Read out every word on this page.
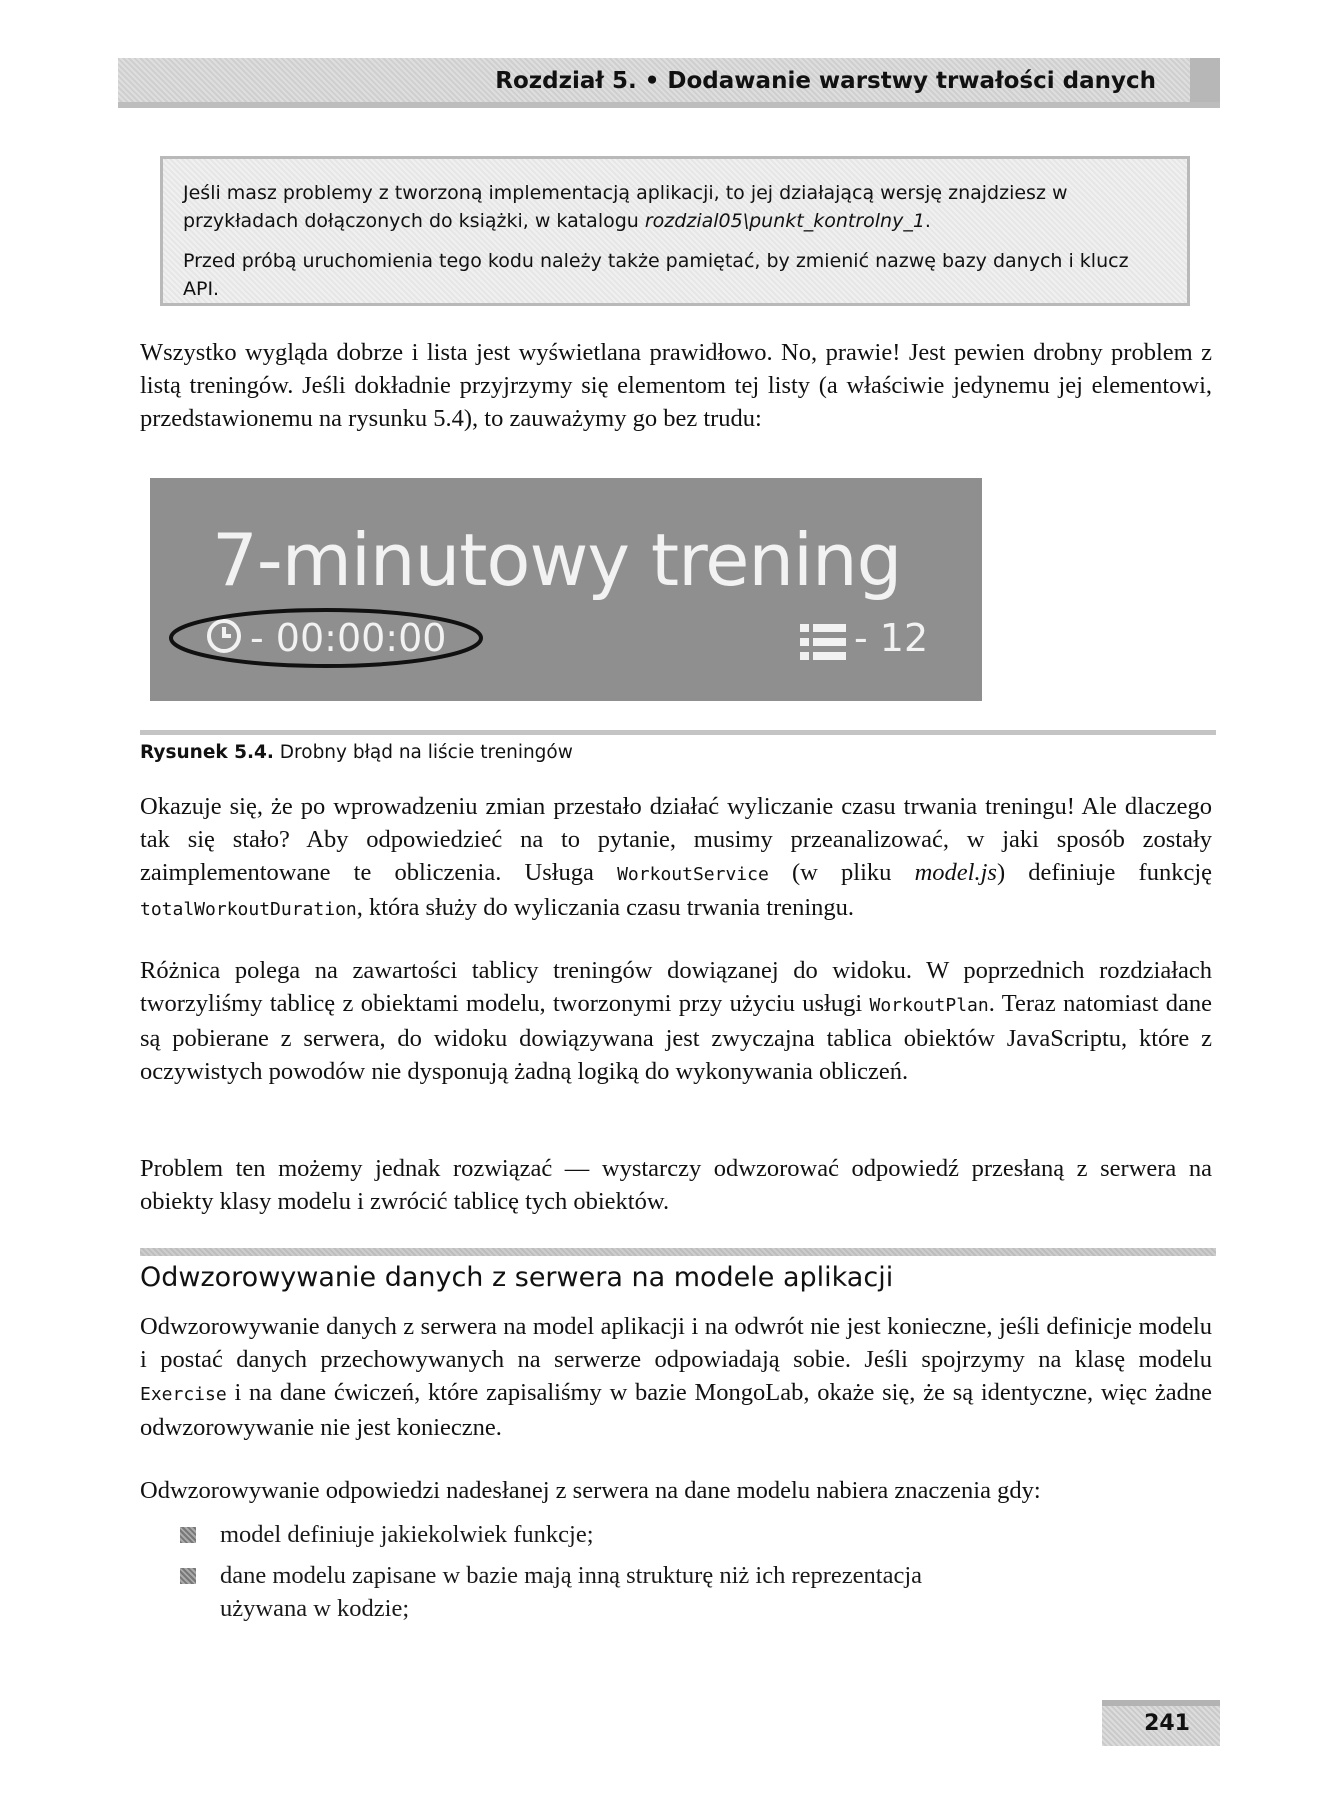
Rozdział 5. • Dodawanie warstwy trwałości danych

Jeśli masz problemy z tworzoną implementacją aplikacji, to jej działającą wersję znajdziesz w przykładach dołączonych do książki, w katalogu rozdzial05\punkt_kontrolny_1.

Przed próbą uruchomienia tego kodu należy także pamiętać, by zmienić nazwę bazy danych i klucz API.

Wszystko wygląda dobrze i lista jest wyświetlana prawidłowo. No, prawie! Jest pewien drobny problem z listą treningów. Jeśli dokładnie przyjrzymy się elementom tej listy (a właściwie jedynemu jej elementowi, przedstawionemu na rysunku 5.4), to zauważymy go bez trudu:

7-minutowy trening
- 00:00:00	- 12
Rysunek 5.4. Drobny błąd na liście treningów

Okazuje się, że po wprowadzeniu zmian przestało działać wyliczanie czasu trwania treningu! Ale dlaczego tak się stało? Aby odpowiedzieć na to pytanie, musimy przeanalizować, w jaki sposób zostały zaimplementowane te obliczenia. Usługa WorkoutService (w pliku model.js) definiuje funkcję totalWorkoutDuration, która służy do wyliczania czasu trwania treningu.

Różnica polega na zawartości tablicy treningów dowiązanej do widoku. W poprzednich rozdziałach tworzyliśmy tablicę z obiektami modelu, tworzonymi przy użyciu usługi WorkoutPlan. Teraz natomiast dane są pobierane z serwera, do widoku dowiązywana jest zwyczajna tablica obiektów JavaScriptu, które z oczywistych powodów nie dysponują żadną logiką do wykonywania obliczeń.

Problem ten możemy jednak rozwiązać — wystarczy odwzorować odpowiedź przesłaną z serwera na obiekty klasy modelu i zwrócić tablicę tych obiektów.

Odwzorowywanie danych z serwera na modele aplikacji

Odwzorowywanie danych z serwera na model aplikacji i na odwrót nie jest konieczne, jeśli definicje modelu i postać danych przechowywanych na serwerze odpowiadają sobie. Jeśli spojrzymy na klasę modelu Exercise i na dane ćwiczeń, które zapisaliśmy w bazie MongoLab, okaże się, że są identyczne, więc żadne odwzorowywanie nie jest konieczne.

Odwzorowywanie odpowiedzi nadesłanej z serwera na dane modelu nabiera znaczenia gdy:

model definiuje jakiekolwiek funkcje;
dane modelu zapisane w bazie mają inną strukturę niż ich reprezentacja używana w kodzie;
241
